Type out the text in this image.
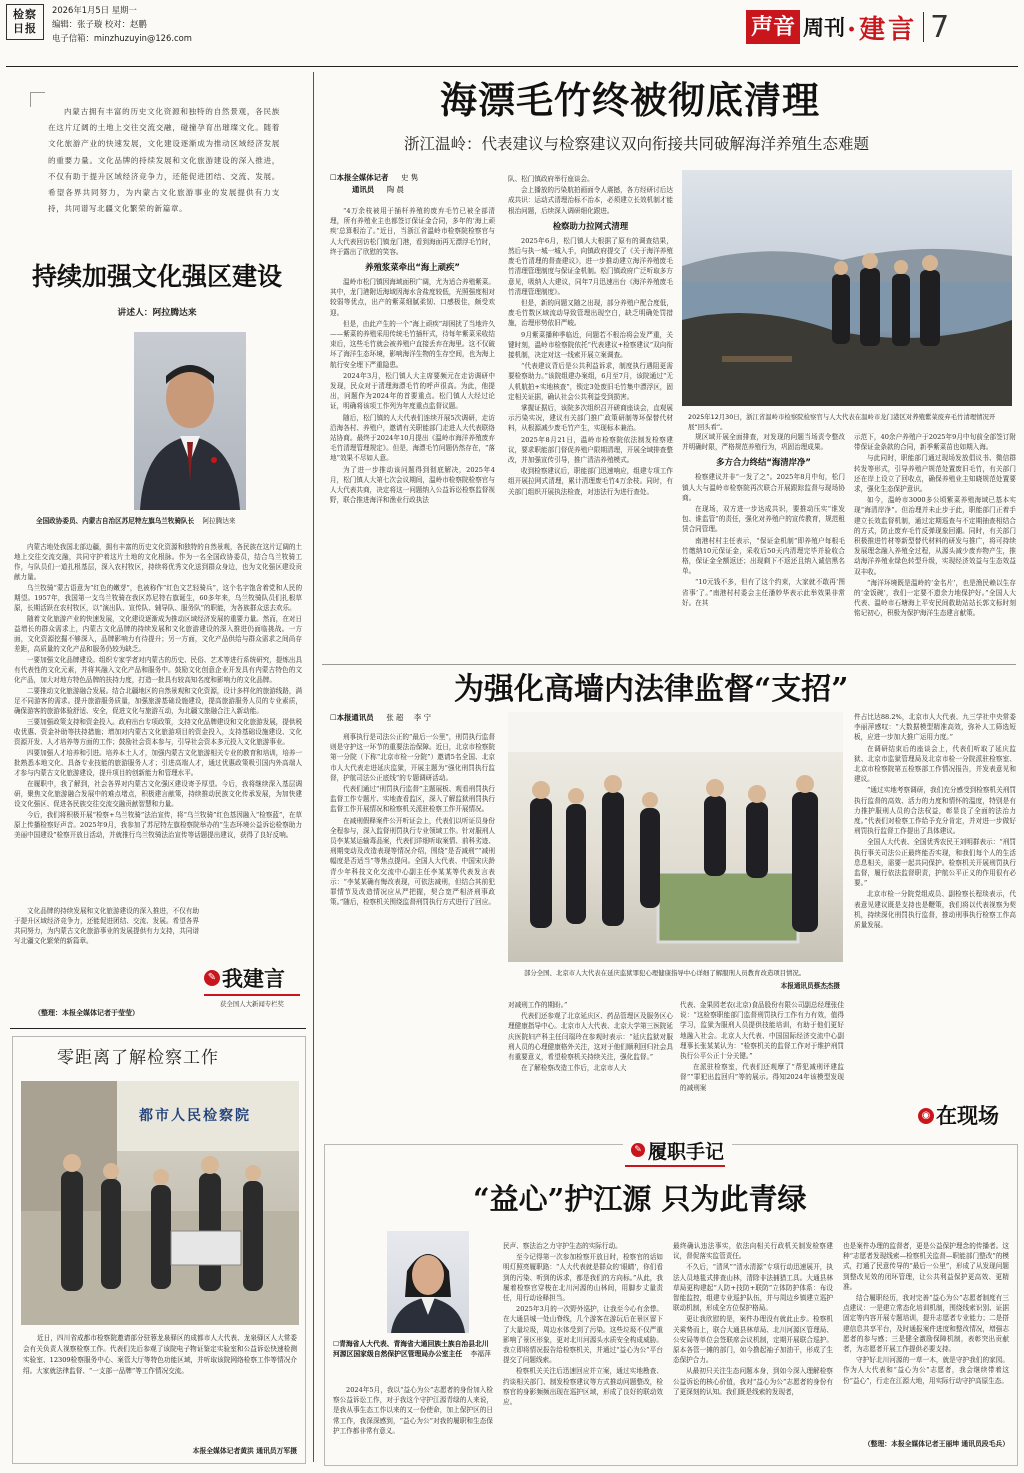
检察日报
2026年1月5日 星期一
编辑：张子璇 校对：赵鹏
电子信箱：minzhuzuyin@126.com	声音 周刊 ·建言 7
内蒙古拥有丰富的历史文化资源和独特的自然景观，各民族在这片辽阔的土地上交往交流交融，碰撞孕育出璀璨文化。随着文化旅游产业的快速发展，文化建设逐渐成为推动区域经济发展的重要力量。文化品牌的持续发展和文化旅游建设的深入推进，不仅有助于提升区域经济竞争力，还能促进团结、交流、发展。希望各界共同努力，为内蒙古文化旅游事业的发展提供有力支持，共同谱写北疆文化繁荣的新篇章。
持续加强文化强区建设
讲述人：阿拉腾达来
全国政协委员、内蒙古自治区苏尼特左旗乌兰牧骑队长 阿拉腾达来

内蒙古地处我国北部边疆，拥有丰富的历史文化资源和独特的自然景观，各民族在这片辽阔的土地上交往交流交融，共同守护着这片土地的文化根脉。作为一名全国政协委员，结合乌兰牧骑工作，与队员们一道扎根基层，深入农村牧区，持续将优秀文化送到群众身边，也为文化强区建设贡献力量。

乌兰牧骑“蒙古语意为“红色的嫩芽”，也被称作“红色文艺轻骑兵”，这个名字饱含着党和人民的期望。1957年，我国第一支乌兰牧骑在我区苏尼特右旗诞生，60多年来，乌兰牧骑队员们扎根草原，长期活跃在农村牧区，以“演出队、宣传队、辅导队、服务队”的职能，为各族群众送去欢乐。

随着文化旅游产业的快速发展，文化建设逐渐成为推动区域经济发展的重要力量。然而，在对日益增长的群众需求上，内蒙古文化品牌的持续发展和文化旅游建设的深入推进仍面临挑战。一方面，文化资源挖掘不够深入，品牌影响力有待提升；另一方面，文化产品供给与群众需求之间尚存差距，高质量的文化产品和服务仍较为缺乏。

一要加强文化品牌建设。组织专家学者对内蒙古的历史、民俗、艺术等进行系统研究，提炼出具有代表性的文化元素，并将其融入文化产品和服务中。鼓励文化创意企业开发具有内蒙古特色的文化产品，加大对地方特色品牌的扶持力度，打造一批具有较高知名度和影响力的文化品牌。

二要推动文化旅游融合发展。结合北疆地区的自然景观和文化资源，设计多样化的旅游线路，满足不同游客的需求。提升旅游服务质量，加强旅游基础设施建设，提高旅游服务人员的专业素质，确保游客的旅游体验舒适、安全，促进文化与旅游互动，为北疆文旅融合注入新动能。

三要加强政策支持和资金投入。政府出台专项政策，支持文化品牌建设和文化旅游发展，提供税收优惠、资金补助等扶持措施；增加对内蒙古文化旅游项目的资金投入，支持基础设施建设、文化资源开发、人才培养等方面的工作；鼓励社会资本参与，引导社会资本多元投入文化旅游事业。

四要加强人才培养和引进。培养本土人才，加强内蒙古文化旅游相关专业的教育和培训，培养一批熟悉本地文化、具备专业技能的旅游服务人才；引进高端人才，通过优惠政策吸引国内外高端人才参与内蒙古文化旅游建设，提升项目的创新能力和管理水平。

在履职中，我了解到，社会各界对内蒙古文化强区建设寄予厚望。今后，我将继续深入基层调研，聚焦文化旅游融合发展中的难点堵点，积极建言献策，持续推动民族文化传承发展，为加快建设文化强区、促进各民族交往交流交融贡献智慧和力量。

今后，我们将积极开展“检察+乌兰牧骑”法治宣传，将“乌兰牧骑”红色基因融入“检察蓝”，在草原上传播检察好声音。2025年9月，我参加了苏尼特左旗检察院举办的“生态环境公益诉讼检察助力美丽中国建设”检察开放日活动，并就推行乌兰牧骑法治宣传等话题提出建议，获得了良好反响。

文化品牌的持续发展和文化旅游建设的深入推进，不仅有助于提升区域经济竞争力，还能促进团结、交流、发展。希望各界共同努力，为内蒙古文化旅游事业的发展提供有力支持，共同谱写北疆文化繁荣的新篇章。

（整理：本报全媒体记者于莹莹）
✎ 我建言
获全国人大新闻专栏奖
零距离了解检察工作
都市人民检察院
近日，四川省成都市检察院邀请部分驻蓉龙泉驿区的成都市人大代表、龙泉驿区人大常委会有关负责人视察检察工作。代表们先后参观了该院电子物证鉴定实验室和公益诉讼快速检测实验室、12309检察服务中心、案管大厅等特色功能区域，并听取该院网络检察工作等情况介绍。大家就法律监督、“一支部一品牌”等工作情况交流。
本报全媒体记者黄洪 通讯员万军摄
海漂毛竹终被彻底清理
浙江温岭：代表建议与检察建议双向衔接共同破解海洋养殖生态难题
☐本报全媒体记者 史 隽
通讯员 陶 晨

“4万余枝被用于插杆养殖的废弃毛竹已被全部清理，所有养殖业主也都签订保证金合同，多年的‘海上顽疾’总算根治了。”近日，当浙江省温岭市检察院检察官与人大代表回访松门镇龙门港，看到海面再无漂浮毛竹时，终于露出了欣慰的笑容。

养殖浆菜牵出“海上顽疾”

温岭市松门镇因海域面积广阔，尤为适合养殖紫菜。其中，龙门港附近海域因海水含盐度较低，光照强度相对较弱等优点，出产的紫菜细腻柔韧、口感极佳，颇受欢迎。

但是，由此产生的一个“海上顽疾”却困扰了当地许久——紫菜的养殖采用传统毛竹插杆式，待每年紫菜采收结束后，这些毛竹就会被养殖户直接丢弃在海里。这不仅破坏了海洋生态环境，影响海洋生物的生存空间，也为海上航行安全埋下严重隐患。

2024年3月，松门镇人大主席要频元在走访调研中发现，民众对于清理海漂毛竹的呼声很高。为此，他提出，问题作为2024年的首要重点。松门镇人大经过论证，明确将该项工作列为年度重点监督议题。

随后，松门镇的人大代表们连续开展5次调研，走访沿海各村、养殖户，邀请有关职能部门走进人大代表联络站协商。最终于2024年10月提出《温岭市海洋养殖废弃毛竹清理管理规定》。但是，海漂毛竹问题仍然存在，“落地”效果不尽如人意。

为了进一步推动该问题得到彻底解决，2025年4月，松门镇人大第七次会议期间，温岭市检察院检察官与人大代表共商，决定将这一问题纳入公益诉讼检察监督视野，联合推进海洋和渔业行政执法

队、松门镇政府举行座谈会。

会上播放的污染航拍画面令人震撼，各方经研讨后达成共识：运动式清理治标不治本，必须建立长效机制才能根治问题，后续深入调研细化跟进。

检察助力拉网式清理

2025年6月，松门镇人大根据了原有的调查结果，然后与执一城一城入手，向镇政府提交了《关于海洋养殖废毛竹清理的督查建议》，进一步推动建立海洋养殖废毛竹清理管理制度与保证金机制。松门镇政府广泛听取多方意见，吸纳人大建议，同年7月迅速出台《海洋养殖废毛竹清理管理制度》。

但是，新的问题又随之出现，部分养殖户配合度低，废毛竹数区域流动导致管理出现空白，缺乏明确处罚措施，治理形势依旧严峻。

9月紫菜播种季临近，问题若不根治将会发严重，关键时刻，温岭市检察院依托“代表建议+检察建议”双向衔接机制，决定对这一线索开展立案调查。

“代表建议背后是公共利益诉求，制度执行遇阻更需要检察助力。”该院组建办案组，6月至7月，该院通过“无人机航拍+实地核查”，锁定3处废旧毛竹集中漂浮区，固定相关证据，确认社会公共利益受到损害。

掌握证据后，该院多次组织召开磋商座谈会，直观展示污染实况，建议有关部门推广政策研制等环保替代材料，从根源减少废毛竹产生，实现标本兼治。

2025年8月21日，温岭市检察院依法制发检察建议，要求职能部门督促养殖户限期清理，开展全域排查整改，并加强宣传引导，推广清洁养殖模式。

收到检察建议后，职能部门迅速响应，组建专项工作组开展拉网式清理，累计清理废毛竹4万余枝。同时，有关部门组织开展执法检查，对违法行为进行查处。

2025年12月30日，浙江省温岭市检察院检察官与人大代表在温岭市龙门港区对养殖紫菜废弃毛竹清理情况开展“回头看”。

规区域开展全面排查，对发现的问题当场责令整改并明确时限，严格规范养殖行为，巩固治理成果。

多方合力终结“海清岸净”

检察建议并非“一发了之”。2025年8月中旬，松门镇人大与温岭市检察院再次联合开展跟踪监督与现场协商。

在现场，双方进一步达成共识，要推动压实“谁发包、谁监管”的责任，强化对养殖户的宣传教育，规范租赁合同管理。

南港村村主任表示，“保证金机制”即养殖户每根毛竹缴纳10元保证金，采收后50天内清理完毕并验收合格，保证金全额返还；出现剩下不返还且纳入诚信黑名单。

“10元钱不多，但有了这个约束，大家就不敢再‘图省事’了。”南港村村委会主任潘妙华表示此举效果非常好。在其

示范下，40余户养殖户于2025年9月中旬前全部签订附带保证金条款的合同，新季紫菜苗也如期入海。

与此同时，职能部门通过现场发放倡议书、微信群转发等形式，引导养殖户规范处置废旧毛竹，有关部门还在岸上设立了回收点，确保养殖业主知晓规范处置要求，强化生态保护意识。

如今，温岭市3000多公顷紫菜养殖海域已基本实现“海清岸净”。但治理并未止步于此，职能部门正着手建立长效监督机制，通过定期巡查与不定期抽查相结合的方式，防止废弃毛竹反弹现象回潮。同时，有关部门积极推进竹材等新型替代材料的研发与推广，将可持续发展理念融入养殖全过程，从源头减少废弃物产生，推动海洋养殖业绿色转型升级，实现经济效益与生态效益双丰收。

“海洋环境既是温岭的‘金名片’，也是渔民赖以生存的‘金饭碗’，我们一定要不遗余力地保护好。”全国人大代表、温岭市石塘海上平安民间救助站站长郭文标时刻铭记初心，积极为保护海洋生态建言献策。

为强化高墙内法律监督“支招”
☐本报通讯员 张 超 李 宁

刑事执行是司法公正的“最后一公里”，刑罚执行监督则是守护这一环节的重要法治保障。近日，北京市检察院第一分院（下称“北京市检一分院”）邀请5名全国、北京市人大代表走进延庆监狱，开展主题为“强化刑罚执行监督，护航司法公正底线”的专题调研活动。

代表们通过“刑罚执行监督”主题展板、观看刑罚执行监督工作专题片、实地查看监区，深入了解监狱刑罚执行监督工作开展情况和检察机关派驻检察工作开展情况。

在减刑假释案件公开听证会上，代表们以听证员身份全程参与，深入监督刑罚执行专业领域工作。针对服刑人员李某某运输毒品案，代表们详细听取案情、前科劣迹、刑期变动及改造表现等情况介绍，围绕“是否减刑”“减刑幅度是否适当”等焦点提问。全国人大代表、中国宋庆龄青少年科技文化交流中心副主任李某某等代表发言表示：“李某某确有悔改表现，可依法减刑，但结合其前犯罪情节及改造情况应从严把握，契合宽严相济刑事政策。”随后，检察机关围绕监督刑罚执行方式进行了回应。

部分全国、北京市人大代表在延庆监狱罪犯心理健康指导中心详细了解服刑人员教育改造项目情况。
本报通讯员蔡杰杰摄

对减刑工作的期盼。”

代表们还参观了北京延庆区、药品管理区及服务区心理健康指导中心。北京市人大代表、北京大学第三医院延庆医院妇产科主任闫瑞玲在参观时表示：“延庆监狱对服刑人员的心理健康格外关注，这对于他们顺利回归社会具有重要意义，希望检察机关持续关注，强化监督。”

在了解检察改造工作后，北京市人大

代表、金果园老农(北京)食品股份有限公司副总经理张佳说：“这检察职能部门监督刑罚执行工作有力有效，值得学习，监狱为服刑人员提供技能培训，有助于他们更好地融入社会。北京人大代表、中国国际经济交流中心副理事长张某某认为：“检察机关的监督工作对于维护刑罚执行公平公正十分关键。”

在派驻检察室，代表们还观摩了“帮犯减刑评建监督”“罪犯出监回归”等的展示。得知2024年该模型发现的减刑案

件占比达88.2%，北京市人大代表、九三学社中央常委李丽萍感叹：“大数据模型精准高效，弥补人工筛选短板，应进一步加大推广运用力度。”

在调研结束后的座谈会上，代表们听取了延庆监狱、北京市监狱管理局及北京市检一分院派驻检察室、北京市检察院第五检察部工作情况报告，并发表意见和建议。

“通过实地考察调研，我们充分感受到检察机关刑罚执行监督的高效、活力的力度和情怀的温度，特别是有力推护服刑人员的合法权益，彰显良了全面的法治力度。”代表们对检察工作给予充分肯定，并对进一步做好刑罚执行监督工作提出了具体建议。

全国人大代表、全国优秀农民王刘明群表示：“刑罚执行事关司法公正最终能否实现，和我们每个人的生活息息相关，需要一起共同保护。检察机关开展刑罚执行监督，履行依法监督职责，护航公平正义的作用很有必要。”

北京市检一分院党组成员、副检察长程琰表示，代表意见建议既是支持也是鞭策，我们将以代表视察为契机，持续深化刑罚执行监督，推动刑事执行检察工作高质量发展。

◉ 在现场
✎ 履职手记
“益心”护江源 只为此青绿
☐青海省人大代表、青海省大通回族土族自治县北川河源区国家级自然保护区管理局办公室主任 李福萍

2024年5月，我以“益心为公”志愿者的身份加入检察公益诉讼工作，对于我这个守护江源青绿的人来说，是我从事生态工作以来的又一份使命，加上保护区的日常工作，我深深感到，“益心为公”对我的履职和生态保护工作都非常有意义。

民声、察法治之力守护生态的实际行动。

至今记得第一次参加检察开放日时，检察官的话如明灯照亮履职路：“人大代表就是群众的‘眼睛’，你们看到的污染、听到的诉求，都是我们的方向标。”从此，我履着检察官穿梭在北川河源的山林间，用脚步丈量责任，用行动诠释担当。

2025年3月的一次野外巡护，让我至今心有余悸。在大通县城一处山脊线，几个游客在游玩后在景区留下了大量垃圾，周边水体受到了污染。这些垃圾不仅严重影响了景区形象，更对北川河源头水质安全构成威胁。我立即将情况报告给检察机关，并通过“益心为公”平台提交了问题线索。

检察机关关注后迅速回应并立案，通过实地勘查、约谈相关部门、制发检察建议等方式推动问题整改，检察官的身影频频出现在巡护区域，形成了良好的联动效应。

最终确认违法事实，依法向相关行政机关制发检察建议，督促落实监管责任。

不久后，“清风”“清水清源”专项行动迅速展开，执法人员地毯式排查山林，清除非法捕猎工具。大通县林草局更构建起“人防+技防+联防”立体防护体系：布设智能监控，组建专业巡护队伍，并与周边乡镇建立巡护联动机制，形成全方位保护格局。

更让我欣慰的是，案件办理没有就此止步。检察机关乘势而上，联合大通县林草局、北川河源区管理局、公安局等单位会签联席会议机制，定期开展联合巡护。原本各管一摊的部门，如今撸起袖子加油干，形成了生态保护合力。

从最初只关注生态问题本身，到如今深入理解检察公益诉讼的核心价值，我对“益心为公”志愿者的身份有了更深刻的认知。我们既是线索的发现者，

也是案件办理的监督者，更是公益保护理念的传播者。这种“志愿者发现线索—检察机关监督—职能部门整改”的模式，打通了民意传导的“最后一公里”，形成了从发现问题到整改见效的闭环管理，让公共利益保护更高效、更精准。

结合履职经历，我对完善“益心为公”志愿者制度有三点建议：一是建立常态化培训机制，围绕线索识别、证据固定等内容开展专题培训，提升志愿者专业能力；二是搭建信息共享平台，及时通报案件进度和整改情况，增强志愿者的参与感；三是健全激励保障机制，表彰突出贡献者，为志愿者开展工作提供必要支持。

守护好北川河源的一草一木，就是守护我们的家园。作为人大代表和“益心为公”志愿者，我会继续带着这份“益心”，行走在江源大地，用实际行动守护高原生态。

（整理：本报全媒体记者王丽坤 通讯员段毛兵）
